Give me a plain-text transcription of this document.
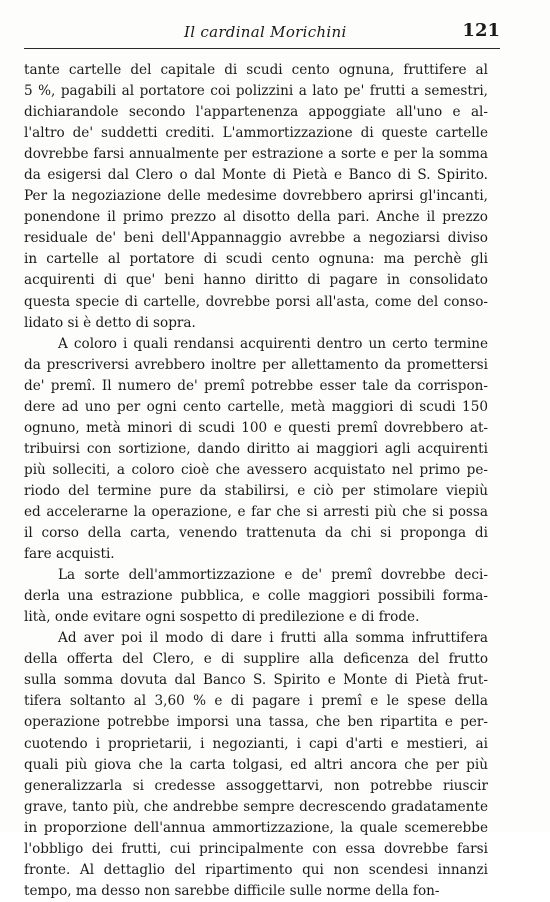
Il cardinal Morichini	121
tante cartelle del capitale di scudi cento ognuna, fruttifere al
5 %, pagabili al portatore coi polizzini a lato pe' frutti a semestri,
dichiarandole secondo l'appartenenza appoggiate all'uno e al-
l'altro de' suddetti crediti. L'ammortizzazione di queste cartelle
dovrebbe farsi annualmente per estrazione a sorte e per la somma
da esigersi dal Clero o dal Monte di Pietà e Banco di S. Spirito.
Per la negoziazione delle medesime dovrebbero aprirsi gl'incanti,
ponendone il primo prezzo al disotto della pari. Anche il prezzo
residuale de' beni dell'Appannaggio avrebbe a negoziarsi diviso
in cartelle al portatore di scudi cento ognuna: ma perchè gli
acquirenti di que' beni hanno diritto di pagare in consolidato
questa specie di cartelle, dovrebbe porsi all'asta, come del conso-
lidato si è detto di sopra.
A coloro i quali rendansi acquirenti dentro un certo termine
da prescriversi avrebbero inoltre per allettamento da promettersi
de' premî. Il numero de' premî potrebbe esser tale da corrispon-
dere ad uno per ogni cento cartelle, metà maggiori di scudi 150
ognuno, metà minori di scudi 100 e questi premî dovrebbero at-
tribuirsi con sortizione, dando diritto ai maggiori agli acquirenti
più solleciti, a coloro cioè che avessero acquistato nel primo pe-
riodo del termine pure da stabilirsi, e ciò per stimolare viepiù
ed accelerarne la operazione, e far che si arresti più che si possa
il corso della carta, venendo trattenuta da chi si proponga di
fare acquisti.
La sorte dell'ammortizzazione e de' premî dovrebbe deci-
derla una estrazione pubblica, e colle maggiori possibili forma-
lità, onde evitare ogni sospetto di predilezione e di frode.
Ad aver poi il modo di dare i frutti alla somma infruttifera
della offerta del Clero, e di supplire alla deficenza del frutto
sulla somma dovuta dal Banco S. Spirito e Monte di Pietà frut-
tifera soltanto al 3,60 % e di pagare i premî e le spese della
operazione potrebbe imporsi una tassa, che ben ripartita e per-
cuotendo i proprietarii, i negozianti, i capi d'arti e mestieri, ai
quali più giova che la carta tolgasi, ed altri ancora che per più
generalizzarla si credesse assoggettarvi, non potrebbe riuscir
grave, tanto più, che andrebbe sempre decrescendo gradatamente
in proporzione dell'annua ammortizzazione, la quale scemerebbe
l'obbligo dei frutti, cui principalmente con essa dovrebbe farsi
fronte. Al dettaglio del ripartimento qui non scendesi innanzi
tempo, ma desso non sarebbe difficile sulle norme della fon-
